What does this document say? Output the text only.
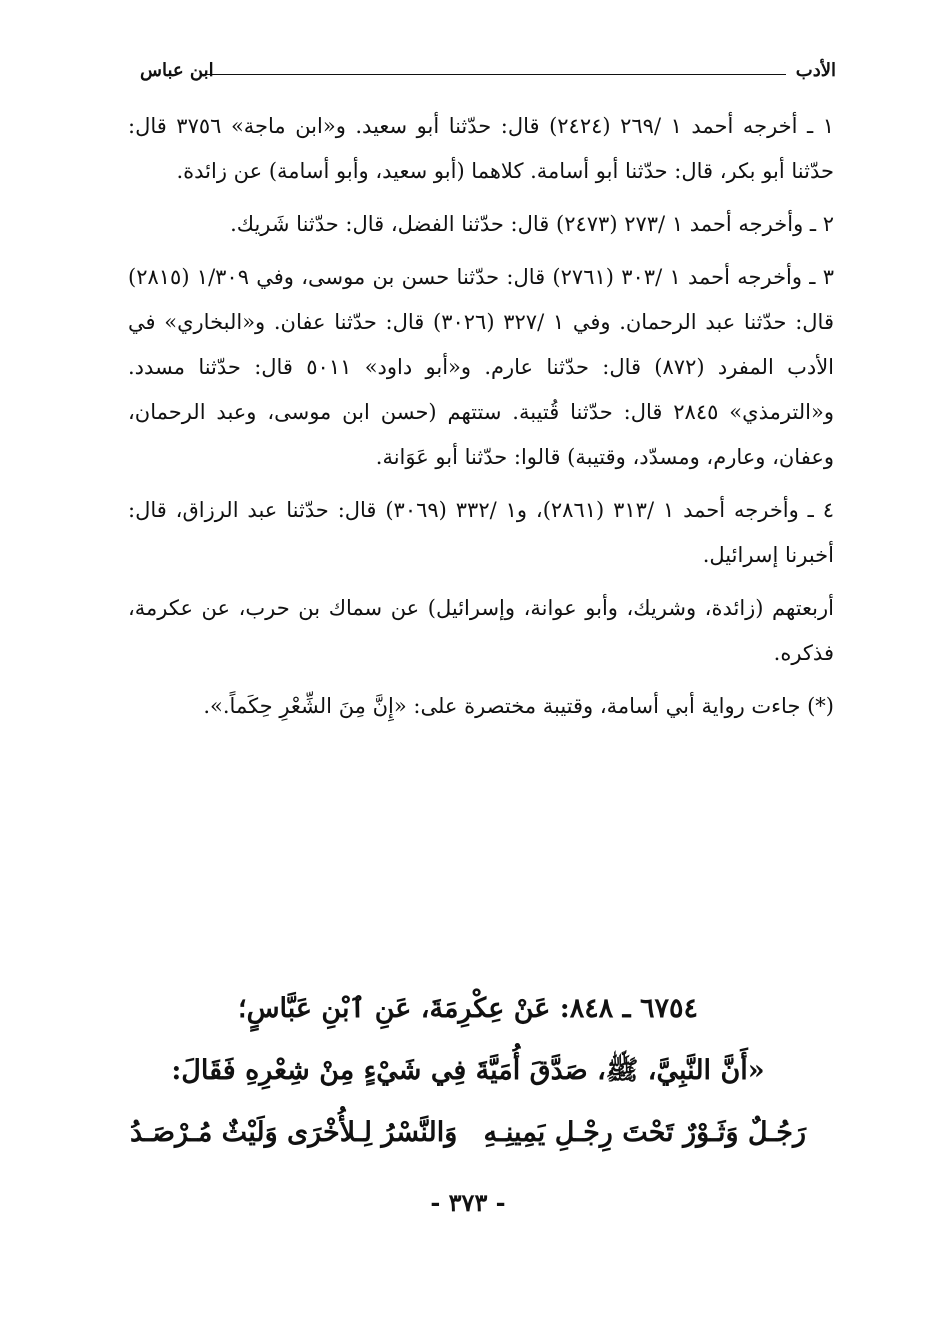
الأدب
ابن عباس

١ ـ أخرجه أحمد ١ /٢٦٩ (٢٤٢٤) قال: حدّثنا أبو سعيد. و«ابن ماجة» ٣٧٥٦ قال: حدّثنا أبو بكر، قال: حدّثنا أبو أسامة. كلاهما (أبو سعيد، وأبو أسامة) عن زائدة.

٢ ـ وأخرجه أحمد ١ /٢٧٣ (٢٤٧٣) قال: حدّثنا الفضل، قال: حدّثنا شَريك.

٣ ـ وأخرجه أحمد ١ /٣٠٣ (٢٧٦١) قال: حدّثنا حسن بن موسى، وفي ١/٣٠٩ (٢٨١٥) قال: حدّثنا عبد الرحمان. وفي ١ /٣٢٧ (٣٠٢٦) قال: حدّثنا عفان. و«البخاري» في الأدب المفرد (٨٧٢) قال: حدّثنا عارم. و«أبو داود» ٥٠١١ قال: حدّثنا مسدد. و«الترمذي» ٢٨٤٥ قال: حدّثنا قُتيبة. ستتهم (حسن ابن موسى، وعبد الرحمان، وعفان، وعارم، ومسدّد، وقتيبة) قالوا: حدّثنا أبو عَوَانة.

٤ ـ وأخرجه أحمد ١ /٣١٣ (٢٨٦١)، و١ /٣٣٢ (٣٠٦٩) قال: حدّثنا عبد الرزاق، قال: أخبرنا إسرائيل.

أربعتهم (زائدة، وشريك، وأبو عوانة، وإسرائيل) عن سماك بن حرب، عن عكرمة، فذكره.

(*) جاءت رواية أبي أسامة، وقتيبة مختصرة على: «إِنَّ مِنَ الشِّعْرِ حِكَماً.».

٦٧٥٤ ـ ٨٤٨: عَنْ عِكْرِمَةَ، عَنِ ٱبْنِ عَبَّاسٍ؛
«أَنَّ النَّبِيَّ، ﷺ، صَدَّقَ أُمَيَّةَ فِي شَيْءٍ مِنْ شِعْرِهِ فَقَالَ:
رَجُـلٌ وَثَـوْرٌ تَحْتَ رِجْـلِ يَمِينِـهِ
وَالنَّسْرُ لِـلأُخْرَى وَلَيْثٌ مُـرْصَـدُ
- ٣٧٣ -
